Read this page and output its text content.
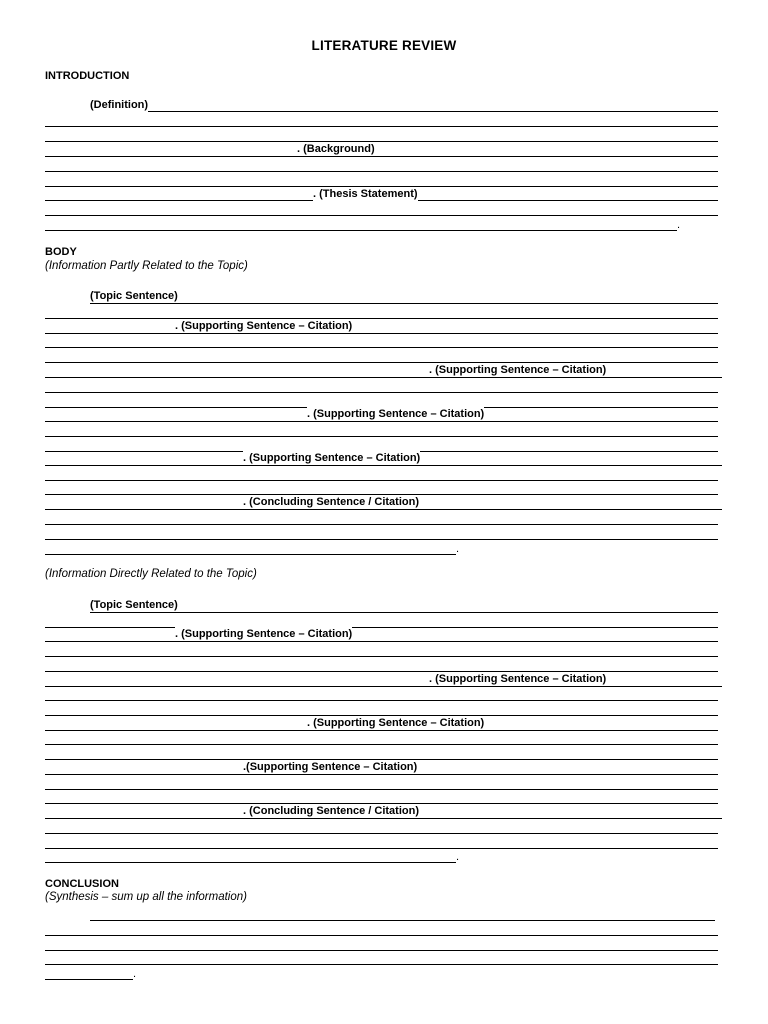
LITERATURE REVIEW
INTRODUCTION
(Definition)
. (Background)
. (Thesis Statement)
.
BODY
(Information Partly Related to the Topic)
(Topic Sentence)
. (Supporting Sentence – Citation)
. (Supporting Sentence – Citation)
. (Supporting Sentence – Citation)
. (Supporting Sentence – Citation)
. (Concluding Sentence / Citation)
.
(Information Directly Related to the Topic)
(Topic Sentence)
. (Supporting Sentence – Citation)
. (Supporting Sentence – Citation)
. (Supporting Sentence – Citation)
.(Supporting Sentence – Citation)
. (Concluding Sentence / Citation)
.
CONCLUSION
(Synthesis – sum up all the information)
.
